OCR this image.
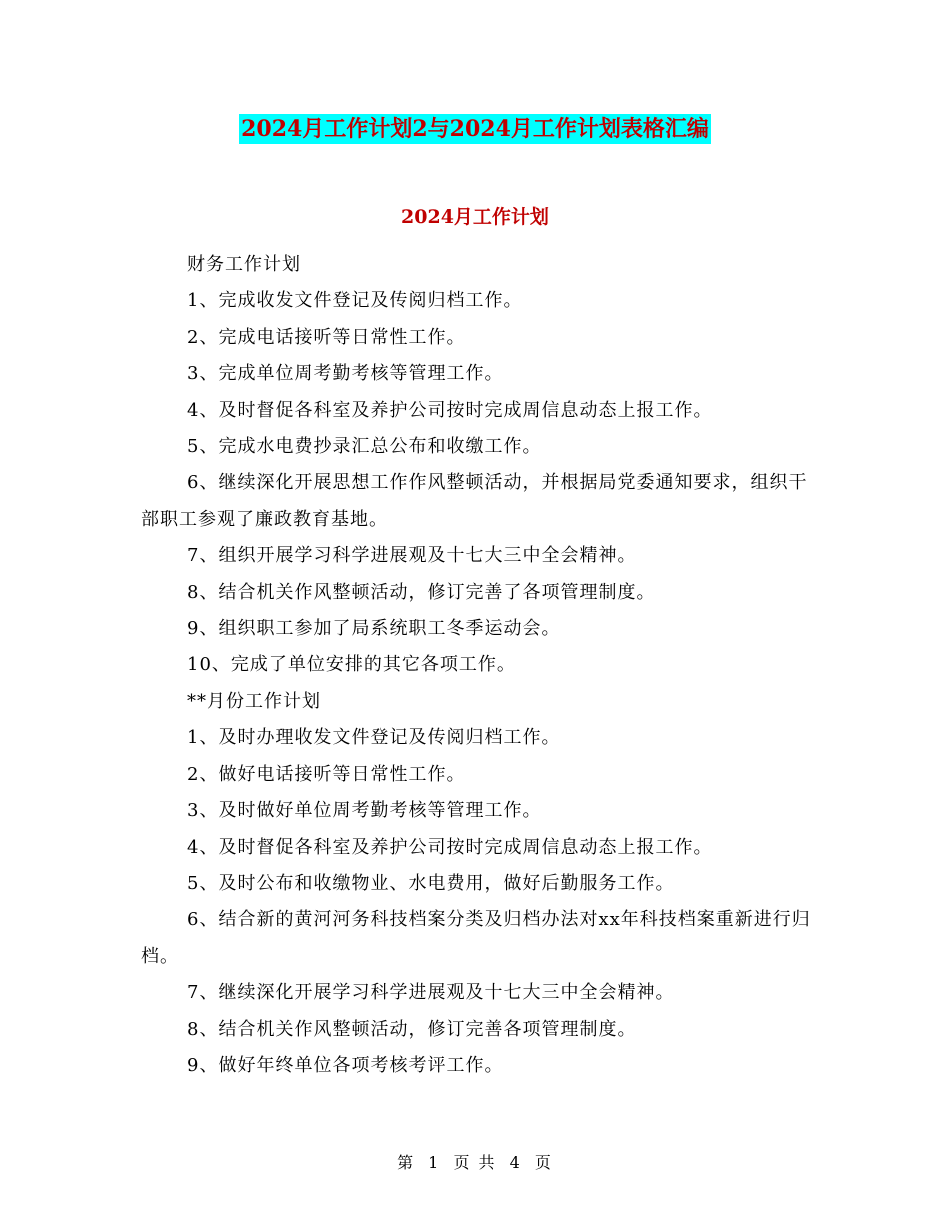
2024月工作计划2与2024月工作计划表格汇编
2024月工作计划

财务工作计划

1、完成收发文件登记及传阅归档工作。

2、完成电话接听等日常性工作。

3、完成单位周考勤考核等管理工作。

4、及时督促各科室及养护公司按时完成周信息动态上报工作。

5、完成水电费抄录汇总公布和收缴工作。

6、继续深化开展思想工作作风整顿活动，并根据局党委通知要求，组织干部职工参观了廉政教育基地。

7、组织开展学习科学进展观及十七大三中全会精神。

8、结合机关作风整顿活动，修订完善了各项管理制度。

9、组织职工参加了局系统职工冬季运动会。

10、完成了单位安排的其它各项工作。

**月份工作计划

1、及时办理收发文件登记及传阅归档工作。

2、做好电话接听等日常性工作。

3、及时做好单位周考勤考核等管理工作。

4、及时督促各科室及养护公司按时完成周信息动态上报工作。

5、及时公布和收缴物业、水电费用，做好后勤服务工作。

6、结合新的黄河河务科技档案分类及归档办法对xx年科技档案重新进行归档。

7、继续深化开展学习科学进展观及十七大三中全会精神。

8、结合机关作风整顿活动，修订完善各项管理制度。

9、做好年终单位各项考核考评工作。

第 1 页 共 4 页
